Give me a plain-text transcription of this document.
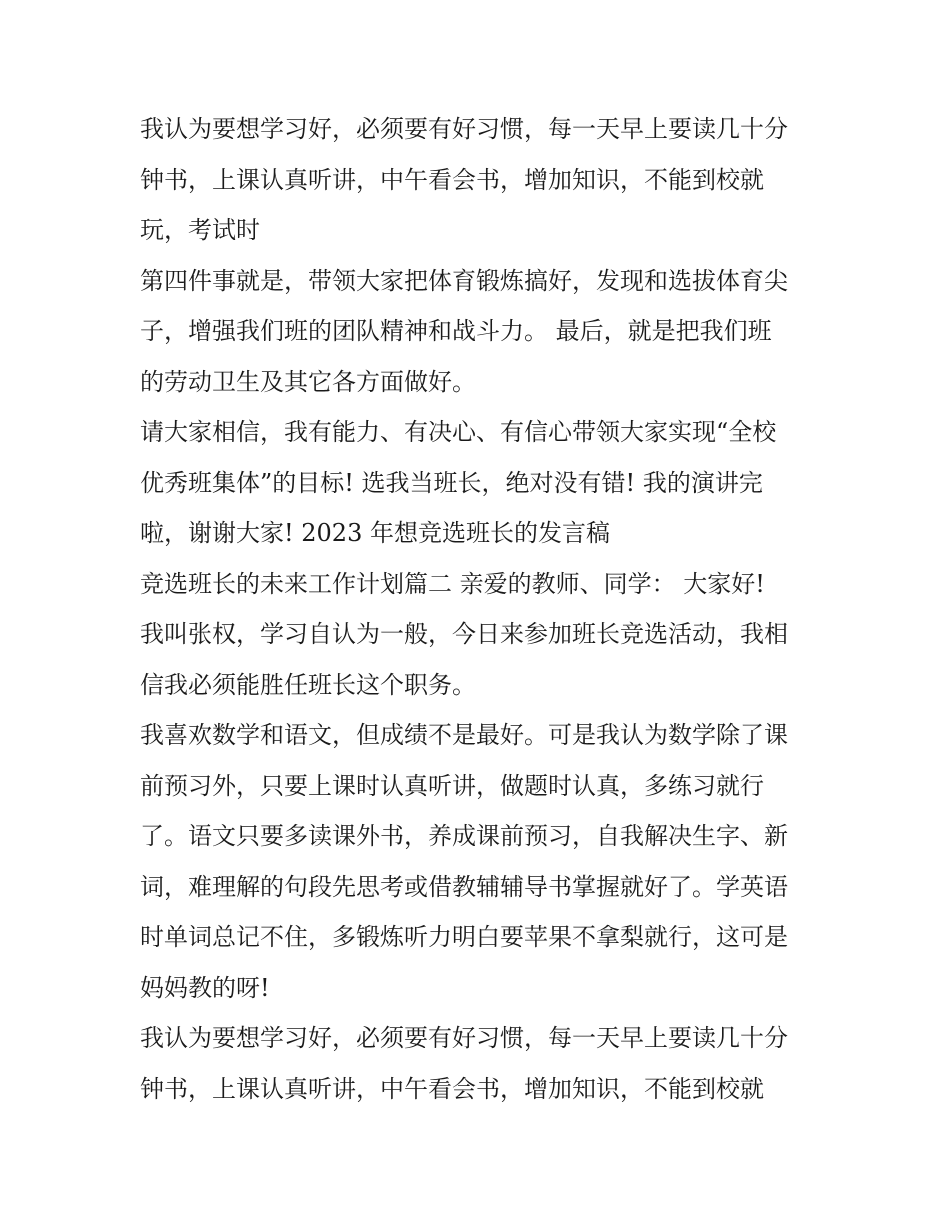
我认为要想学习好，必须要有好习惯，每一天早上要读几十分
钟书，上课认真听讲，中午看会书，增加知识，不能到校就
玩，考试时
第四件事就是，带领大家把体育锻炼搞好，发现和选拔体育尖
子，增强我们班的团队精神和战斗力。 最后，就是把我们班
的劳动卫生及其它各方面做好。
请大家相信，我有能力、有决心、有信心带领大家实现“全校
优秀班集体”的目标! 选我当班长，绝对没有错! 我的演讲完
啦，谢谢大家! 2023 年想竞选班长的发言稿
竞选班长的未来工作计划篇二 亲爱的教师、同学： 大家好!
我叫张权，学习自认为一般，今日来参加班长竞选活动，我相
信我必须能胜任班长这个职务。
我喜欢数学和语文，但成绩不是最好。可是我认为数学除了课
前预习外，只要上课时认真听讲，做题时认真，多练习就行
了。语文只要多读课外书，养成课前预习，自我解决生字、新
词，难理解的句段先思考或借教辅辅导书掌握就好了。学英语
时单词总记不住，多锻炼听力明白要苹果不拿梨就行，这可是
妈妈教的呀!
我认为要想学习好，必须要有好习惯，每一天早上要读几十分
钟书，上课认真听讲，中午看会书，增加知识，不能到校就
